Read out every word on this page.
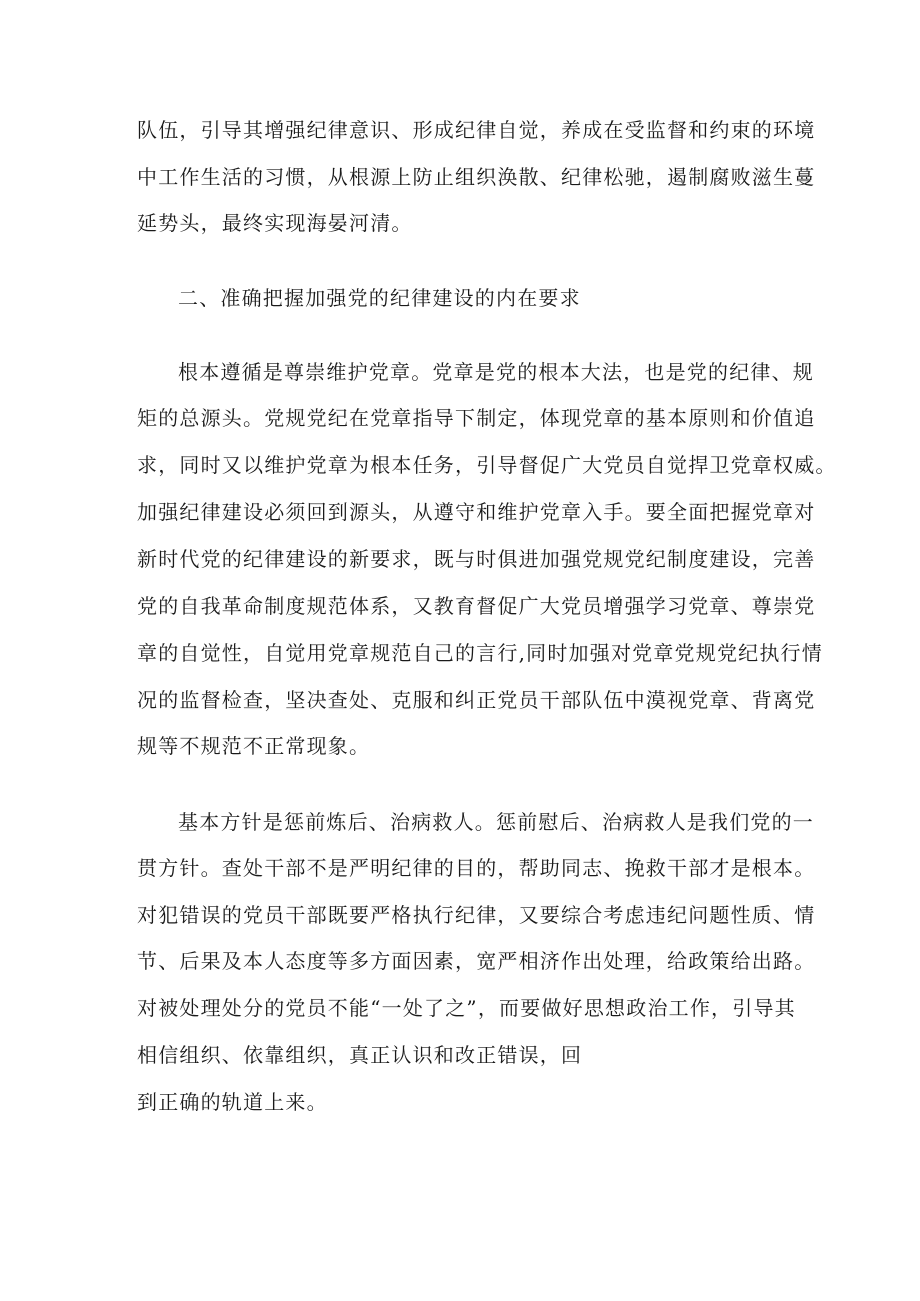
队伍，引导其增强纪律意识、形成纪律自觉，养成在受监督和约束的环境
中工作生活的习惯，从根源上防止组织涣散、纪律松驰，遏制腐败滋生蔓
延势头，最终实现海晏河清。
二、准确把握加强党的纪律建设的内在要求
根本遵循是尊崇维护党章。党章是党的根本大法，也是党的纪律、规
矩的总源头。党规党纪在党章指导下制定，体现党章的基本原则和价值追
求，同时又以维护党章为根本任务，引导督促广大党员自觉捍卫党章权威。
加强纪律建设必须回到源头，从遵守和维护党章入手。要全面把握党章对
新时代党的纪律建设的新要求，既与时俱进加强党规党纪制度建设，完善
党的自我革命制度规范体系，又教育督促广大党员增强学习党章、尊崇党
章的自觉性，自觉用党章规范自己的言行,同时加强对党章党规党纪执行情
况的监督检查，坚决查处、克服和纠正党员干部队伍中漠视党章、背离党
规等不规范不正常现象。
基本方针是惩前炼后、治病救人。惩前慰后、治病救人是我们党的一
贯方针。查处干部不是严明纪律的目的，帮助同志、挽救干部才是根本。
对犯错误的党员干部既要严格执行纪律，又要综合考虑违纪问题性质、情
节、后果及本人态度等多方面因素，宽严相济作出处理，给政策给出路。
对被处理处分的党员不能“一处了之”，而要做好思想政治工作，引导其
相信组织、依靠组织，真正认识和改正错误，回
到正确的轨道上来。
